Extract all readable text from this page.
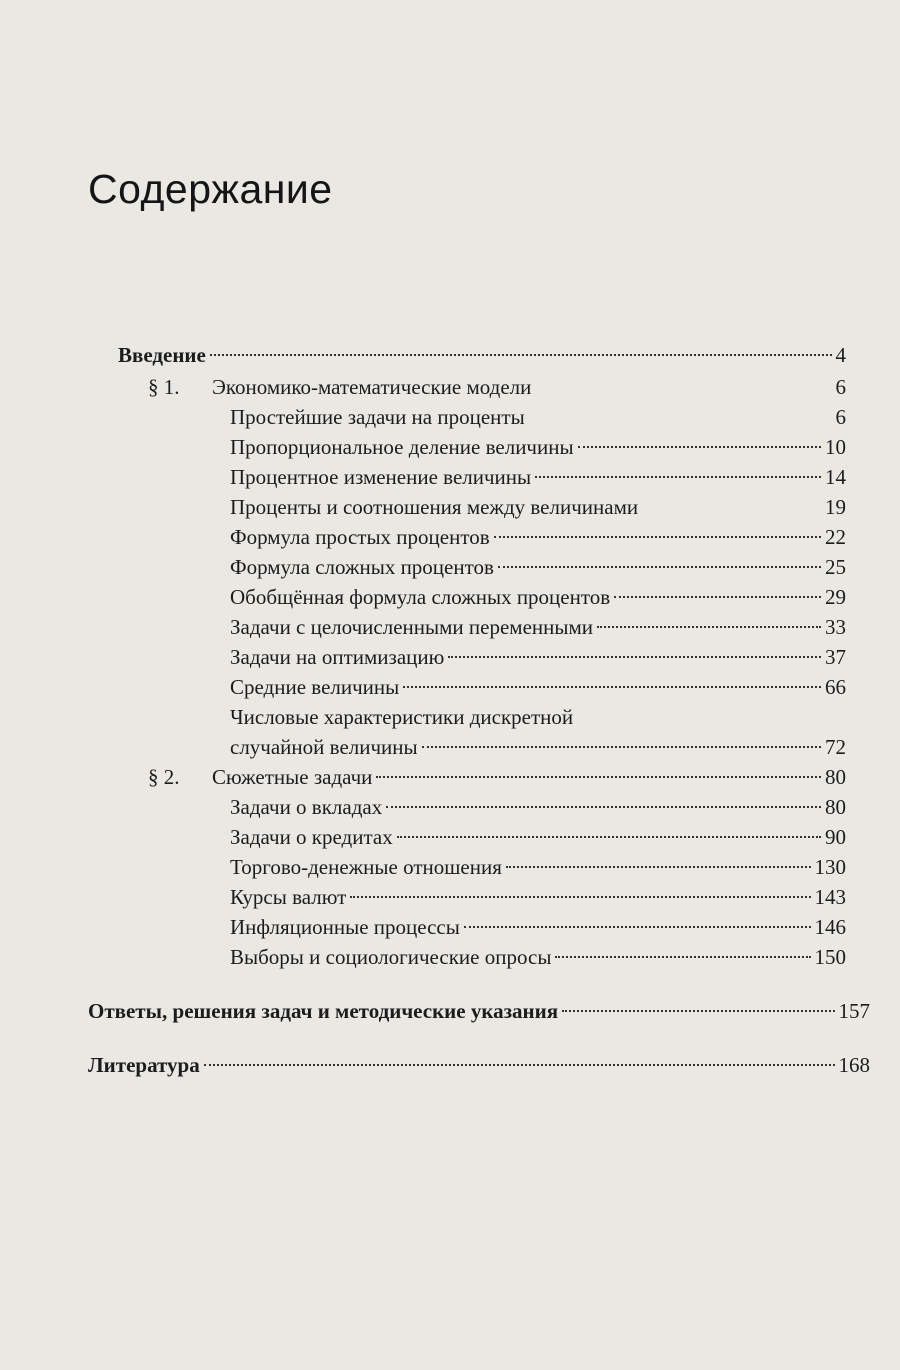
Содержание
Введение	4
§ 1.	Экономико-математические модели	6
Простейшие задачи на проценты	6
Пропорциональное деление величины	10
Процентное изменение величины	14
Проценты и соотношения между величинами	19
Формула простых процентов	22
Формула сложных процентов	25
Обобщённая формула сложных процентов	29
Задачи с целочисленными переменными	33
Задачи на оптимизацию	37
Средние величины	66
Числовые характеристики дискретной
случайной величины	72
§ 2.	Сюжетные задачи	80
Задачи о вкладах	80
Задачи о кредитах	90
Торгово-денежные отношения	130
Курсы валют	143
Инфляционные процессы	146
Выборы и социологические опросы	150
Ответы, решения задач и методические указания	157
Литература	168
